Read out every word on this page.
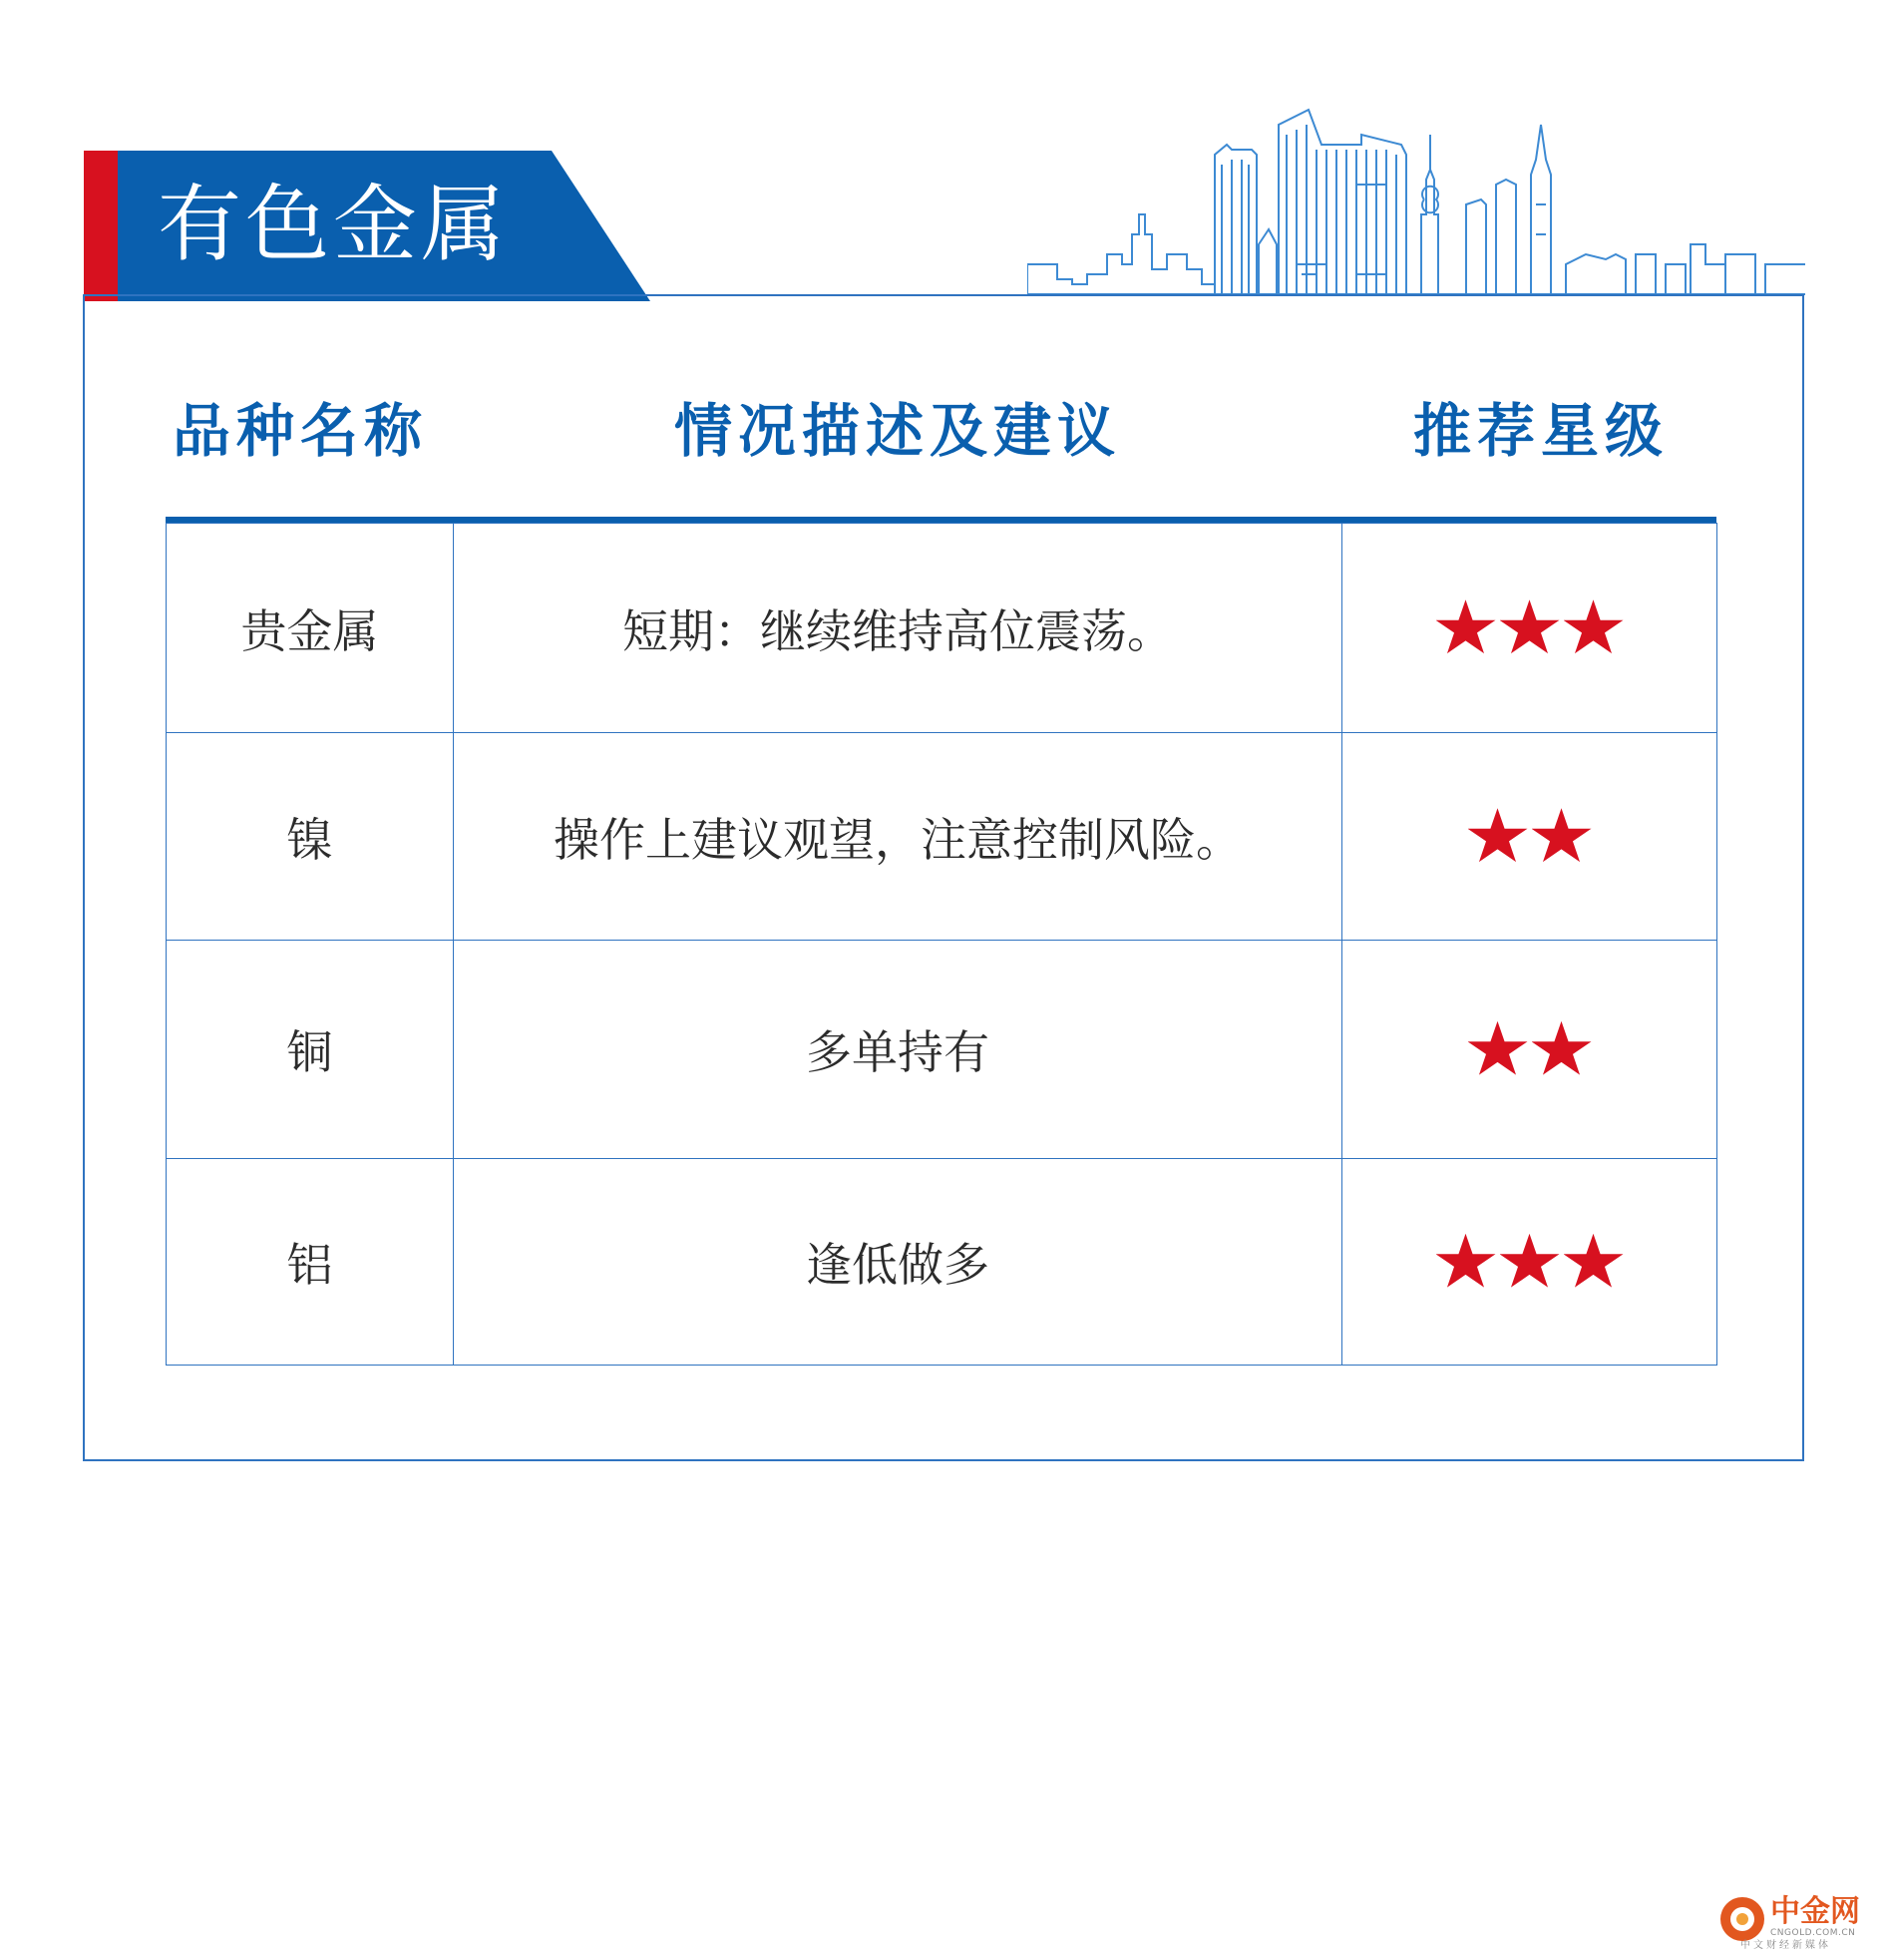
有色金属
品种名称	情况描述及建议	推荐星级
贵金属	短期：继续维持高位震荡。	
镍	操作上建议观望，注意控制风险。	
铜	多单持有	
铝	逢低做多	
中金网
CNGOLD.COM.CN
中文财经新媒体
